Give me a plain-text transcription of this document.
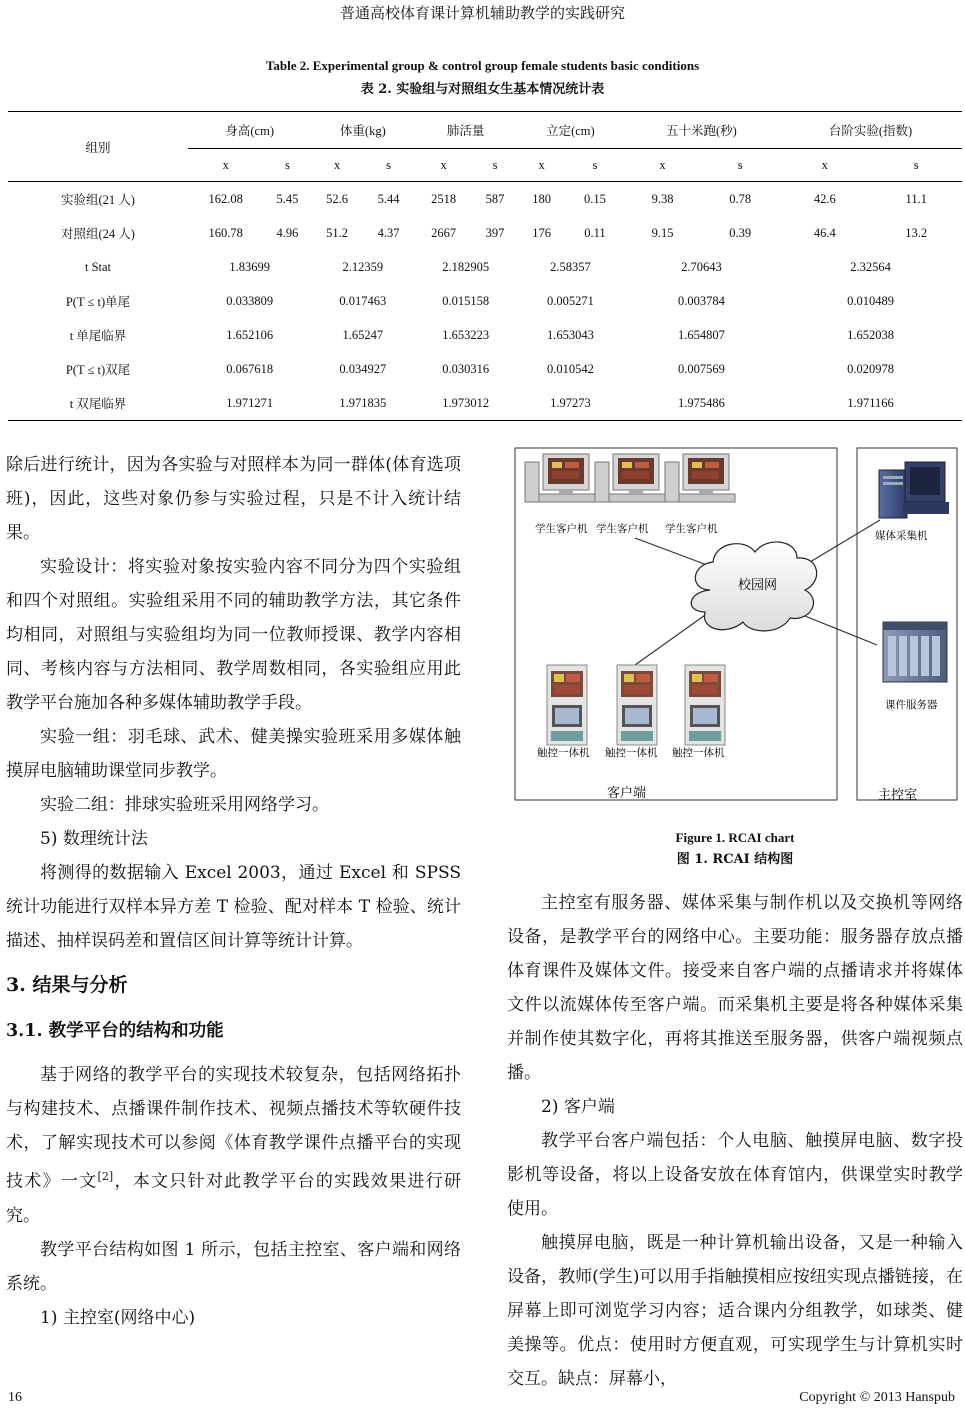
普通高校体育课计算机辅助教学的实践研究
Table 2. Experimental group & control group female students basic conditions
表 2. 实验组与对照组女生基本情况统计表
组别	身高(cm)		体重(kg)		肺活量		立定(cm)		五十米跑(秒)		台阶实验(指数)	
	x	s	x	s	x	s	x	s	x	s	x	s
实验组(21 人)	162.08	5.45	52.6	5.44	2518	587	180	0.15	9.38	0.78	42.6	11.1
对照组(24 人)	160.78	4.96	51.2	4.37	2667	397	176	0.11	9.15	0.39	46.4	13.2
t Stat	1.83699		2.12359		2.182905		2.58357		2.70643		2.32564	
P(T ≤ t)单尾	0.033809		0.017463		0.015158		0.005271		0.003784		0.010489	
t 单尾临界	1.652106		1.65247		1.653223		1.653043		1.654807		1.652038	
P(T ≤ t)双尾	0.067618		0.034927		0.030316		0.010542		0.007569		0.020978	
t 双尾临界	1.971271		1.971835		1.973012		1.97273		1.975486		1.971166	

除后进行统计，因为各实验与对照样本为同一群体(体育选项班)，因此，这些对象仍参与实验过程，只是不计入统计结果。

实验设计：将实验对象按实验内容不同分为四个实验组和四个对照组。实验组采用不同的辅助教学方法，其它条件均相同，对照组与实验组均为同一位教师授课、教学内容相同、考核内容与方法相同、教学周数相同，各实验组应用此教学平台施加各种多媒体辅助教学手段。

实验一组：羽毛球、武术、健美操实验班采用多媒体触摸屏电脑辅助课堂同步教学。

实验二组：排球实验班采用网络学习。

5) 数理统计法

将测得的数据输入 Excel 2003，通过 Excel 和 SPSS 统计功能进行双样本异方差 T 检验、配对样本 T 检验、统计描述、抽样误码差和置信区间计算等统计计算。

3. 结果与分析
3.1. 教学平台的结构和功能

基于网络的教学平台的实现技术较复杂，包括网络拓扑与构建技术、点播课件制作技术、视频点播技术等软硬件技术，了解实现技术可以参阅《体育教学课件点播平台的实现技术》一文[2]，本文只针对此教学平台的实践效果进行研究。

教学平台结构如图 1 所示，包括主控室、客户端和网络系统。

1) 主控室(网络中心)

学生客户机 学生客户机 学生客户机
校园网
媒体采集机
课件服务器
触控一体机 触控一体机 触控一体机
客户端	主控室
Figure 1. RCAI chart
图 1. RCAI 结构图

主控室有服务器、媒体采集与制作机以及交换机等网络设备，是教学平台的网络中心。主要功能：服务器存放点播体育课件及媒体文件。接受来自客户端的点播请求并将媒体文件以流媒体传至客户端。而采集机主要是将各种媒体采集并制作使其数字化，再将其推送至服务器，供客户端视频点播。

2) 客户端

教学平台客户端包括：个人电脑、触摸屏电脑、数字投影机等设备，将以上设备安放在体育馆内，供课堂实时教学使用。

触摸屏电脑，既是一种计算机输出设备，又是一种输入设备，教师(学生)可以用手指触摸相应按纽实现点播链接，在屏幕上即可浏览学习内容；适合课内分组教学，如球类、健美操等。优点：使用时方便直观，可实现学生与计算机实时交互。缺点：屏幕小，

16	Copyright © 2013 Hanspub
